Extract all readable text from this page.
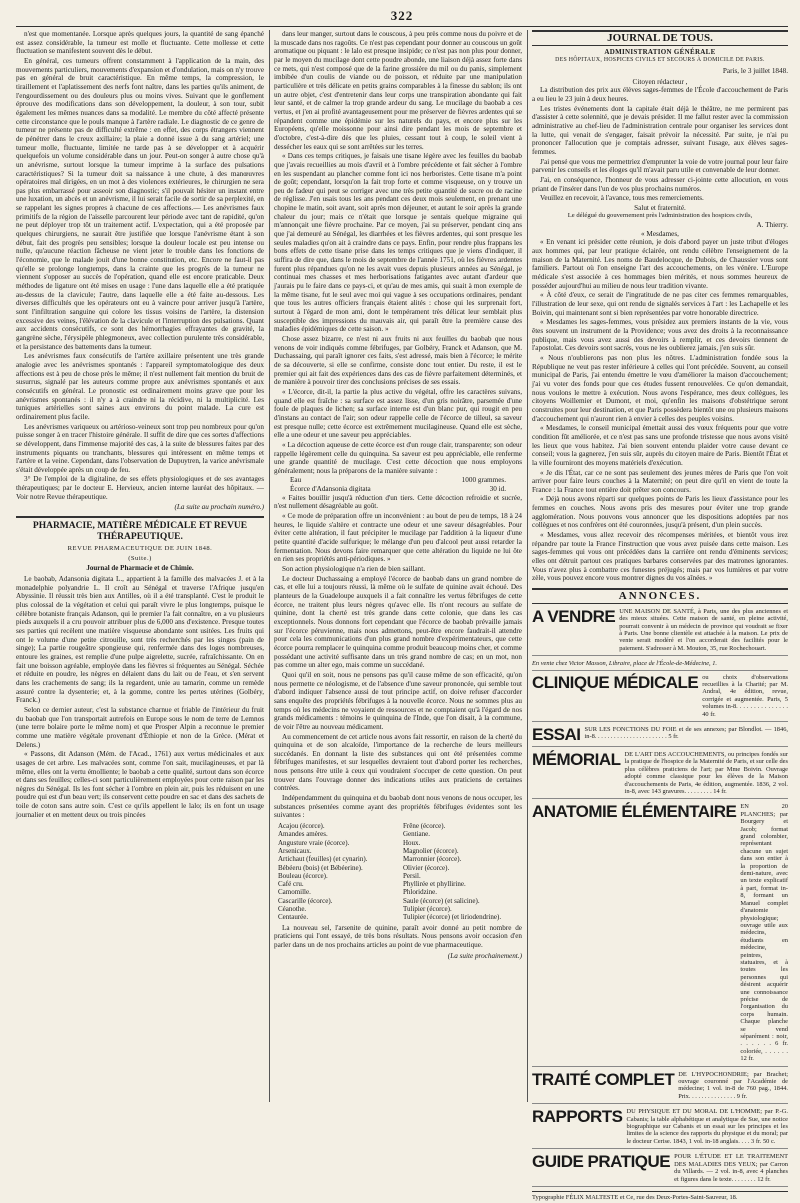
322

n'est que momentanée. Lorsque après quelques jours, la quantité de sang épanché est assez considérable, la tumeur est molle et fluctuante. Cette mollesse et cette fluctuation se manifestent souvent dès le début.

En général, ces tumeurs offrent constamment à l'application de la main, des mouvements particuliers, mouvements d'expansion et d'ondulation, mais on n'y trouve pas en général de bruit caractéristique. En même temps, la compression, le tiraillement et l'aplatissement des nerfs font naître, dans les parties qu'ils animent, de l'engourdissement ou des douleurs plus ou moins vives. Suivant que le gonflement éprouve des modifications dans son développement, la douleur, à son tour, subit également les mêmes nuances dans sa modalité. Le membre du côté affecté présente cette circonstance que le pouls manque à l'artère radiale. Le diagnostic de ce genre de tumeur ne présente pas de difficulté extrême : en effet, des corps étrangers viennent de pénétrer dans le creux axillaire; la plaie a donné issue à du sang artériel; une tumeur molle, fluctuante, limitée ne tarde pas à se développer et à acquérir quelquefois un volume considérable dans un jour. Peut-on songer à autre chose qu'à un anévrisme, surtout lorsque la tumeur imprime à la surface des pulsations caractéristiques? Si la tumeur doit sa naissance à une chute, à des manœuvres opératoires mal dirigées, en un mot à des violences extérieures, le chirurgien ne sera pas plus embarrassé pour asseoir son diagnostic; s'il pouvait hésiter un instant entre une luxation, un abcès et un anévrisme, il lui serait facile de sortir de sa perplexité, en se rappelant les signes propres à chacune de ces affections.— Les anévrismes faux primitifs de la région de l'aisselle parcourent leur période avec tant de rapidité, qu'on ne peut déployer trop tôt un traitement actif. L'expectation, qui a été proposée par quelques chirurgiens, ne saurait être justifiée que lorsque l'anévrisme étant à son début, fait des progrès peu sensibles; lorsque la douleur locale est peu intense ou nulle, qu'aucune réaction fâcheuse ne vient jeter le trouble dans les fonctions de l'économie, que le malade jouit d'une bonne constitution, etc. Encore ne faut-il pas qu'elle se prolonge longtemps, dans la crainte que les progrès de la tumeur ne viennent s'opposer au succès de l'opération, quand elle est encore praticable. Deux méthodes de ligature ont été mises en usage : l'une dans laquelle elle a été pratiquée au-dessus de la clavicule; l'autre, dans laquelle elle a été faite au-dessous. Les diverses difficultés que les opérateurs ont eu à vaincre pour arriver jusqu'à l'artère, sont l'infiltration sanguine qui colore les tissus voisins de l'artère, la distension excessive des veines, l'élévation de la clavicule et l'interruption des pulsations. Quant aux accidents consécutifs, ce sont des hémorrhagies effrayantes de gravité, la gangrène sèche, l'érysipèle phlegmoneux, avec collection purulente très considérable, et la persistance des battements dans la tumeur.

Les anévrismes faux consécutifs de l'artère axillaire présentent une très grande analogie avec les anévrismes spontanés : l'appareil symptomatologique des deux affections est à peu de chose près le même; il n'est nullement fait mention du bruit de susurrus, signalé par les auteurs comme propre aux anévrismes spontanés et aux consécutifs en général. Le pronostic est ordinairement moins grave que pour les anévrismes spontanés : il n'y a à craindre ni la récidive, ni la multiplicité. Les tuniques artérielles sont saines aux environs du point malade. La cure est ordinairement plus facile.

Les anévrismes variqueux ou artérioso-veineux sont trop peu nombreux pour qu'on puisse songer à en tracer l'histoire générale. Il suffit de dire que ces sortes d'affections se développent, dans l'immense majorité des cas, à la suite de blessures faites par des instruments piquants ou tranchants, blessures qui intéressent en même temps et l'artère et la veine. Cependant, dans l'observation de Dupuytren, la varice anévrismale s'était développée après un coup de feu.

3° De l'emploi de la digitaline, de ses effets physiologiques et de ses avantages thérapeutiques; par le docteur E. Hervieux, ancien interne lauréat des hôpitaux. — Voir notre Revue thérapeutique.

(La suite au prochain numéro.)
PHARMACIE, MATIÈRE MÉDICALE ET REVUE THÉRAPEUTIQUE.
REVUE PHARMACEUTIQUE DE JUIN 1848.
(Suite.)
Journal de Pharmacie et de Chimie.

Le baobab, Adansonia digitata L., appartient à la famille des malvacées J. et à la monadelphie polyandrie L. Il croît au Sénégal et traverse l'Afrique jusqu'en Abyssinie. Il réussit très bien aux Antilles, où il a été transplanté. C'est le produit le plus colossal de la végétation et celui qui paraît vivre le plus longtemps, puisque le célèbre botaniste français Adanson, qui le premier l'a fait connaître, en a vu plusieurs pieds auxquels il a cru pouvoir attribuer plus de 6,000 ans d'existence. Presque toutes ses parties qui recèlent une matière visqueuse abondante sont usitées. Les fruits qui ont le volume d'une petite citrouille, sont très recherchés par les singes (pain de singe); La partie rougeâtre spongieuse qui, renfermée dans des loges nombreuses, entoure les graines, est remplie d'une pulpe aigrelette, sucrée, rafraîchissante. On en fait une boisson agréable, employée dans les fièvres si fréquentes au Sénégal. Séchée et réduite en poudre, les nègres en délaient dans du lait ou de l'eau, et s'en servent dans les crachements de sang; ils la regardent, unie au tamarin, comme un remède assuré contre la dysenterie; et, à la gomme, contre les pertes utérines (Golbéry, Franck.)

Selon ce dernier auteur, c'est la substance charnue et friable de l'intérieur du fruit du baobab que l'on transportait autrefois en Europe sous le nom de terre de Lemnos (une terre bolaire porte le même nom) et que Prosper Alpin a reconnue le premier comme une matière végétale provenant d'Éthiopie et non de la Grèce. (Mérat et Delens.)

« Passons, dit Adanson (Mém. de l'Acad., 1761) aux vertus médicinales et aux usages de cet arbre. Les malvacées sont, comme l'on sait, mucilagineuses, et par là même, elles ont la vertu émolliente; le baobab a cette qualité, surtout dans son écorce et dans ses feuilles; celles-ci sont particulièrement employées pour cette raison par les nègres du Sénégal. Ils les font sécher à l'ombre en plein air, puis les réduisent en une poudre qui est d'un beau vert; ils conservent cette poudre en sac et dans des sachets de toile de coton sans autre soin. C'est ce qu'ils appellent le lalo; ils en font un usage journalier et en mettent deux ou trois pincées

dans leur manger, surtout dans le couscous, à peu près comme nous du poivre et de la muscade dans nos ragoûts. Ce n'est pas cependant pour donner au couscous un goût aromatique ou piquant : le lalo est presque insipide; ce n'est pas non plus pour donner, par le moyen du mucilage dont cette poudre abonde, une liaison déjà assez forte dans ce mets, qui n'est composé que de la farine grossière du mil ou du panis, simplement imbibée d'un coulis de viande ou de poisson, et réduite par une manipulation particulière et très délicate en petits grains comparables à la finesse du sablon; ils ont un autre objet, c'est d'entretenir dans leur corps une transpiration abondante qui fait leur santé, et de calmer la trop grande ardeur du sang. Le mucilage du baobab a ces vertus, et j'en ai profité avantageusement pour me préserver de fièvres ardentes qui se répandent comme une épidémie sur les naturels du pays, et encore plus sur les Européens, qu'elle moissonne pour ainsi dire pendant les mois de septembre et d'octobre, c'est-à-dire dès que les pluies, cessant tout à coup, le soleil vient à dessécher les eaux qui se sont arrêtées sur les terres.

« Dans ces temps critiques, je faisais une tisane légère avec les feuilles du baobab que j'avais recueillies au mois d'avril et à l'ombre précédente et fait sécher à l'ombre en les suspendant au plancher comme font ici nos herboristes. Cette tisane m'a point de goût; cependant, lorsqu'on la fait trop forte et comme visqueuse, on y trouve un peu de fadeur qui peut se corriger avec une très petite quantité de sucre ou de racine de réglisse. J'en usais tous les ans pendant ces deux mois seulement, en prenant une chopine le matin, soit avant, soit après mon déjeuner, et autant le soir après la grande chaleur du jour; mais ce n'était que lorsque je sentais quelque migraine qui m'annonçait une fièvre prochaine. Par ce moyen, j'ai su préserver, pendant cinq ans que j'ai demeuré au Sénégal, les diarrhées et les fièvres ardentes, qui sont presque les seules maladies qu'on ait à craindre dans ce pays. Enfin, pour rendre plus frappans les bons effets de cette tisane prise dans les temps critiques que je viens d'indiquer, il suffira de dire que, dans le mois de septembre de l'année 1751, où les fièvres ardentes furent plus répandues qu'on ne les avait vues depuis plusieurs années au Sénégal, je continuai mes chasses et mes herborisations fatigantes avec autant d'ardeur que j'aurais pu le faire dans ce pays-ci, et qu'au de mes amis, qui suait à mon exemple de la même tisane, fut le seul avec moi qui vague à ses occupations ordinaires, pendant que tous les autres officiers français étaient alités : chose qui les surprenait fort, surtout à l'égard de mon ami, dont le tempérament très délicat leur semblait plus susceptible des impressions du mauvais air, qui paraît être la première cause des maladies épidémiques de cette saison. »

Chose assez bizarre, ce n'est ni aux fruits ni aux feuilles du baobab que nous venons de voir indiqués comme fébrifuges, par Golbéry, Franck et Adanson, que M. Duchassaing, qui paraît ignorer ces faits, s'est adressé, mais bien à l'écorce; le mérite de sa découverte, si elle se confirme, consiste donc tout entier. Du reste, il est le premier qui ait fait des expériences dans des cas de fièvre parfaitement déterminés, et de manière à pouvoir tirer des conclusions précises de ses essais.

« L'écorce, dit-il, la partie la plus active du végétal, offre les caractères suivans, quand elle est fraîche : sa surface est assez lisse, d'un gris noirâtre, parsemée d'une foule de plaques de lichen; sa surface interne est d'un blanc pur, qui rougit en peu d'instans au contact de l'air; son odeur rappelle celle de l'écorce de tilleul, sa saveur est presque nulle; cette écorce est extrêmement mucilagineuse. Quand elle est sèche, elle a une odeur et une saveur peu appréciables.

« La décoction aqueuse de cette écorce est d'un rouge clair, transparente; son odeur rappelle légèrement celle du quinquina. Sa saveur est peu appréciable, elle renferme une grande quantité de mucilage. C'est cette décoction que nous employons généralement; nous la préparons de la manière suivante :

Eau	1000 grammes.
Écorce d'Adansonia digitata	30 id.

« Faites bouillir jusqu'à réduction d'un tiers. Cette décoction refroidie et sucrée, n'est nullement désagréable au goût.

« Ce mode de préparation offre un inconvénient : au bout de peu de temps, 18 à 24 heures, le liquide s'altère et contracte une odeur et une saveur désagréables. Pour éviter cette altération, il faut précipiter le mucilage par l'addition à la liqueur d'une petite quantité d'acide sulfurique; le mélange d'un peu d'alcool peut aussi retarder la fermentation. Nous devons faire remarquer que cette altération du liquide ne lui ôte en rien ses propriétés anti-périodiques. »

Son action physiologique n'a rien de bien saillant.

Le docteur Duchassaing a employé l'écorce de baobab dans un grand nombre de cas, et elle lui a toujours réussi, là même où le sulfate de quinine avait échoué. Des planteurs de la Guadeloupe auxquels il a fait connaître les vertus fébrifuges de cette écorce, ne traitent plus leurs nègres qu'avec elle. Ils n'ont recours au sulfate de quinine, dont la cherté est très grande dans cette colonie, que dans les cas exceptionnels. Nous donnons fort cependant que l'écorce de baobab prévaille jamais sur l'écorce péruvienne, mais nous admettons, peut-être encore faudrait-il attendre pour cela les communications d'un plus grand nombre d'expérimentateurs, que cette écorce pourra remplacer le quinquina comme produit beaucoup moins cher, et comme possédant une activité suffisante dans un très grand nombre de cas; en un mot, non pas comme un alter ego, mais comme un succédané.

Quoi qu'il en soit, nous ne pensons pas qu'il cause même de son efficacité, qu'on nous permette ce néologisme, et de l'absence d'une saveur prononcée, qui semble tout d'abord indiquer l'absence aussi de tout principe actif, on doive refuser d'accorder sans enquête des propriétés fébrifuges à la nouvelle écorce. Nous ne sommes plus au temps où les médecins ne voyaient de ressources et ne comptaient qu'à l'égard de nos grands médicaments : témoins le quinquina de l'Inde, que l'on disait, à la commune, de voir l'être au nouveau médicament.

Au commencement de cet article nous avons fait ressortir, en raison de la cherté du quinquina et de son alcaloïde, l'importance de la recherche de leurs meilleurs succédanés. En donnant la liste des substances qui ont été présentées comme fébrifuges manifestes, et sur lesquelles devraient tout d'abord porter les recherches, nous pensons être utile à ceux qui voudraient s'occuper de cette question. On peut trouver dans l'ouvrage donner des indications utiles aux praticiens de certaines contrées.

Indépendamment du quinquina et du baobab dont nous venons de nous occuper, les substances présentées comme ayant des propriétés fébrifuges évidentes sont les suivantes :

Acajou (écorce).	Frêne (écorce).
Amandes amères.	Gentiane.
Angusture vraie (écorce).	Houx.
Arsenicaux.	Magnolier (écorce).
Artichaut (feuilles) (et cynarin).	Marronnier (écorce).
Bébéeru (bois) (et Bébéerine).	Olivier (écorce).
Bouleau (écorce).	Persil.
Café cru.	Phyllirée et phyllirine.
Camomille.	Phloridzine.
Cascarille (écorce).	Saule (écorce) (et salicine).
Céanothe.	Tulipier (écorce).
Centaurée.	Tulipier (écorce) (et liriodendrine).

La nouveau sel, l'arsenite de quinine, paraît avoir donné au petit nombre de praticiens qui l'ont essayé, de très bons résultats. Nous pensons avoir occasion d'en parler dans un de nos prochains articles au point de vue pharmaceutique.

(La suite prochainement.)
JOURNAL DE TOUS.
ADMINISTRATION GÉNÉRALE
DES HÔPITAUX, HOSPICES CIVILS ET SECOURS À DOMICILE DE PARIS.
Paris, le 3 juillet 1848.
Citoyen rédacteur ,

La distribution des prix aux élèves sages-femmes de l'École d'accouchement de Paris a eu lieu le 23 juin à deux heures.

Les tristes événements dont la capitale était déjà le théâtre, ne me permirent pas d'assister à cette solennité, que je devais présider. Il me fallut rester avec la commission administrative au chef-lieu de l'administration centrale pour organiser les services dont la lutte, qui venait de s'engager, faisait prévoir la nécessité. Par suite, je n'ai pu prononcer l'allocution que je comptais adresser, suivant l'usage, aux élèves sages-femmes.

J'ai pensé que vous me permettriez d'emprunter la voie de votre journal pour leur faire parvenir les conseils et les éloges qu'il m'avait paru utile et convenable de leur donner.

J'ai, en conséquence, l'honneur de vous adresser ci-jointe cette allocution, en vous priant de l'insérer dans l'un de vos plus prochains numéros.

Veuillez en recevoir, à l'avance, tous mes remerciements.

Salut et fraternité.
Le délégué du gouvernement près l'administration des hospices civils,
A. Thierry.
« Mesdames,

« En venant ici présider cette réunion, je dois d'abord payer un juste tribut d'éloges aux hommes qui, par leur pratique éclairée, ont rendu célèbre l'enseignement de la maison de la Maternité. Les noms de Baudelocque, de Dubois, de Chaussier vous sont familiers. Partout où l'on enseigne l'art des accouchements, on les vénère. L'Europe médicale s'est associée à ces hommages bien mérités, et nous sommes heureux de posséder aujourd'hui au milieu de nous leur tradition vivante.

« À côté d'eux, ce serait de l'ingratitude de ne pas citer ces femmes remarquables, l'illustration de leur sexe, qui ont rendu de signalés services à l'art : les Lachapelle et les Boivin, qui maintenant sont si bien représentées par votre honorable directrice.

« Mesdames les sages-femmes, vous présidez aux premiers instants de la vie, vous êtes souvent un instrument de la Providence; vous avez des droits à la reconnaissance publique, mais vous avez aussi des devoirs à remplir, et ces devoirs tiennent de l'apostolat. Ces devoirs sont sacrés, vous ne les oublierez jamais, j'en suis sûr.

« Nous n'oublierons pas non plus les nôtres. L'administration fondée sous la République ne veut pas rester inférieure à celles qui l'ont précédée. Souvent, au conseil municipal de Paris, j'ai entendu émettre le vœu d'améliorer la maison d'accouchement; j'ai vu voter des fonds pour que ces études fussent renouvelées. Ce qu'on demandait, nous voulons le mettre à exécution. Nous avons l'espérance, mes deux collègues, les citoyens Woillemier et Dumont, et moi, qu'enfin les maisons d'obstétrique seront construites pour leur destination, et que Paris possèdera bientôt une ou plusieurs maisons d'accouchement qui n'auront rien à envier à celles des peuples voisins.

« Mesdames, le conseil municipal émettait aussi des vœux fréquents pour que votre condition fût améliorée, et ce n'est pas sans une profonde tristesse que nous avons visité les lieux que vous habitez. J'ai bien souvent entendu plaider votre cause devant ce conseil; vous la gagnerez, j'en suis sûr, auprès du citoyen maire de Paris. Bientôt l'État et la ville fourniront des moyens matériels d'exécution.

« Je dis l'État, car ce ne sont pas seulement des jeunes mères de Paris que l'on voit arriver pour faire leurs couches à la Maternité; on peut dire qu'il en vient de toute la France : la France tout entière doit prêter son concours.

« Déjà nous avons réparti sur quelques points de Paris les lieux d'assistance pour les femmes en couches. Nous avons pris des mesures pour éviter une trop grande agglomération. Nous pouvons vous annoncer que les dispositions adoptées par nos collègues et nos confrères ont été couronnées, jusqu'à présent, d'un plein succès.

« Mesdames, vous allez recevoir des récompenses méritées, et bientôt vous irez répandre par toute la France l'instruction que vous avez puisée dans cette maison. Les sages-femmes qui vous ont précédées dans la carrière ont rendu d'éminents services; elles ont détruit partout ces pratiques barbares conservées par des matrones ignorantes. Vous n'avez plus à combattre ces funestes préjugés; mais par vos lumières et par votre zèle, vous pouvez encore vous montrer dignes du vos aînées. »

ANNONCES.
A VENDRE UNE MAISON DE SANTÉ, à Paris, une des plus anciennes et des mieux situées. Cette maison de santé, en pleine activité, pourrait convenir à un médecin de province qui voudrait se fixer à Paris. Une bonne clientèle est attachée à la maison. Le prix de vente serait modéré et l'on accorderait des facilités pour le paiement. S'adresser à M. Mouton, 35, rue Rochechouart.
En vente chez Victor Masson, Libraire, place de l'École-de-Médecine, 1.
CLINIQUE MÉDICALE ou choix d'observations recueillies à la Charité; par M. Andral, 4e édition, revue, corrigée et augmentée. Paris, 5 volumes in-8. . . . . . . . . . . . . . . 40 fr.
ESSAI SUR LES FONCTIONS DU FOIE et de ses annexes; par Blondlot. — 1846, in-8. . . . . . . . . . . . . . . . . . . . . . . 5 fr.
MÉMORIAL DE L'ART DES ACCOUCHEMENTS, ou principes fondés sur la pratique de l'hospice de la Maternité de Paris, et sur celle des plus célèbres praticiens de l'art; par Mme Boivin. Ouvrage adopté comme classique pour les élèves de la Maison d'accouchements de Paris, 4e édition, augmentée. 1836, 2 vol. in-8, avec 143 gravures. . . . . . . . . 14 fr.
ANATOMIE ÉLÉMENTAIRE EN 20 PLANCHES; par Bourgery et Jacob; format grand colombier, représentant chacune un sujet dans son entier à la proportion de demi-nature, avec un texte explicatif à part, format in-8, formant un Manuel complet d'anatomie physiologique; ouvrage utile aux médecins, étudiants en médecine, peintres, statuaires, et à toutes les personnes qui désirent acquérir une connoissance précise de l'organisation du corps humain. Chaque planche se vend séparément : noir, . . . . . . 6 fr. coloriée, . . . . . . 12 fr.
TRAITÉ COMPLET DE L'HYPOCHONDRIE; par Brachet; ouvrage couronné par l'Académie de médecine; 1 vol. in-8 de 760 pag., 1844. Prix. . . . . . . . . . . . . . . 9 fr.
RAPPORTS DU PHYSIQUE ET DU MORAL DE L'HOMME; par P.-G. Cabanis; la table alphabétique et analytique de Sue, une notice biographique sur Cabanis et un essai sur les principes et les limites de la science des rapports du physique et du moral; par le docteur Cerise. 1843, 1 vol. in-18 anglais. . . . 3 fr. 50 c.
GUIDE PRATIQUE POUR L'ÉTUDE ET LE TRAITEMENT DES MALADIES DES YEUX; par Carron du Villards. — 2 vol. in-8, avec 4 planches et figures dans le texte. . . . . . . . 12 fr.
Typographie FÉLIX MALTESTE et Ce, rue des Deux-Portes-Saint-Sauveur, 18.
